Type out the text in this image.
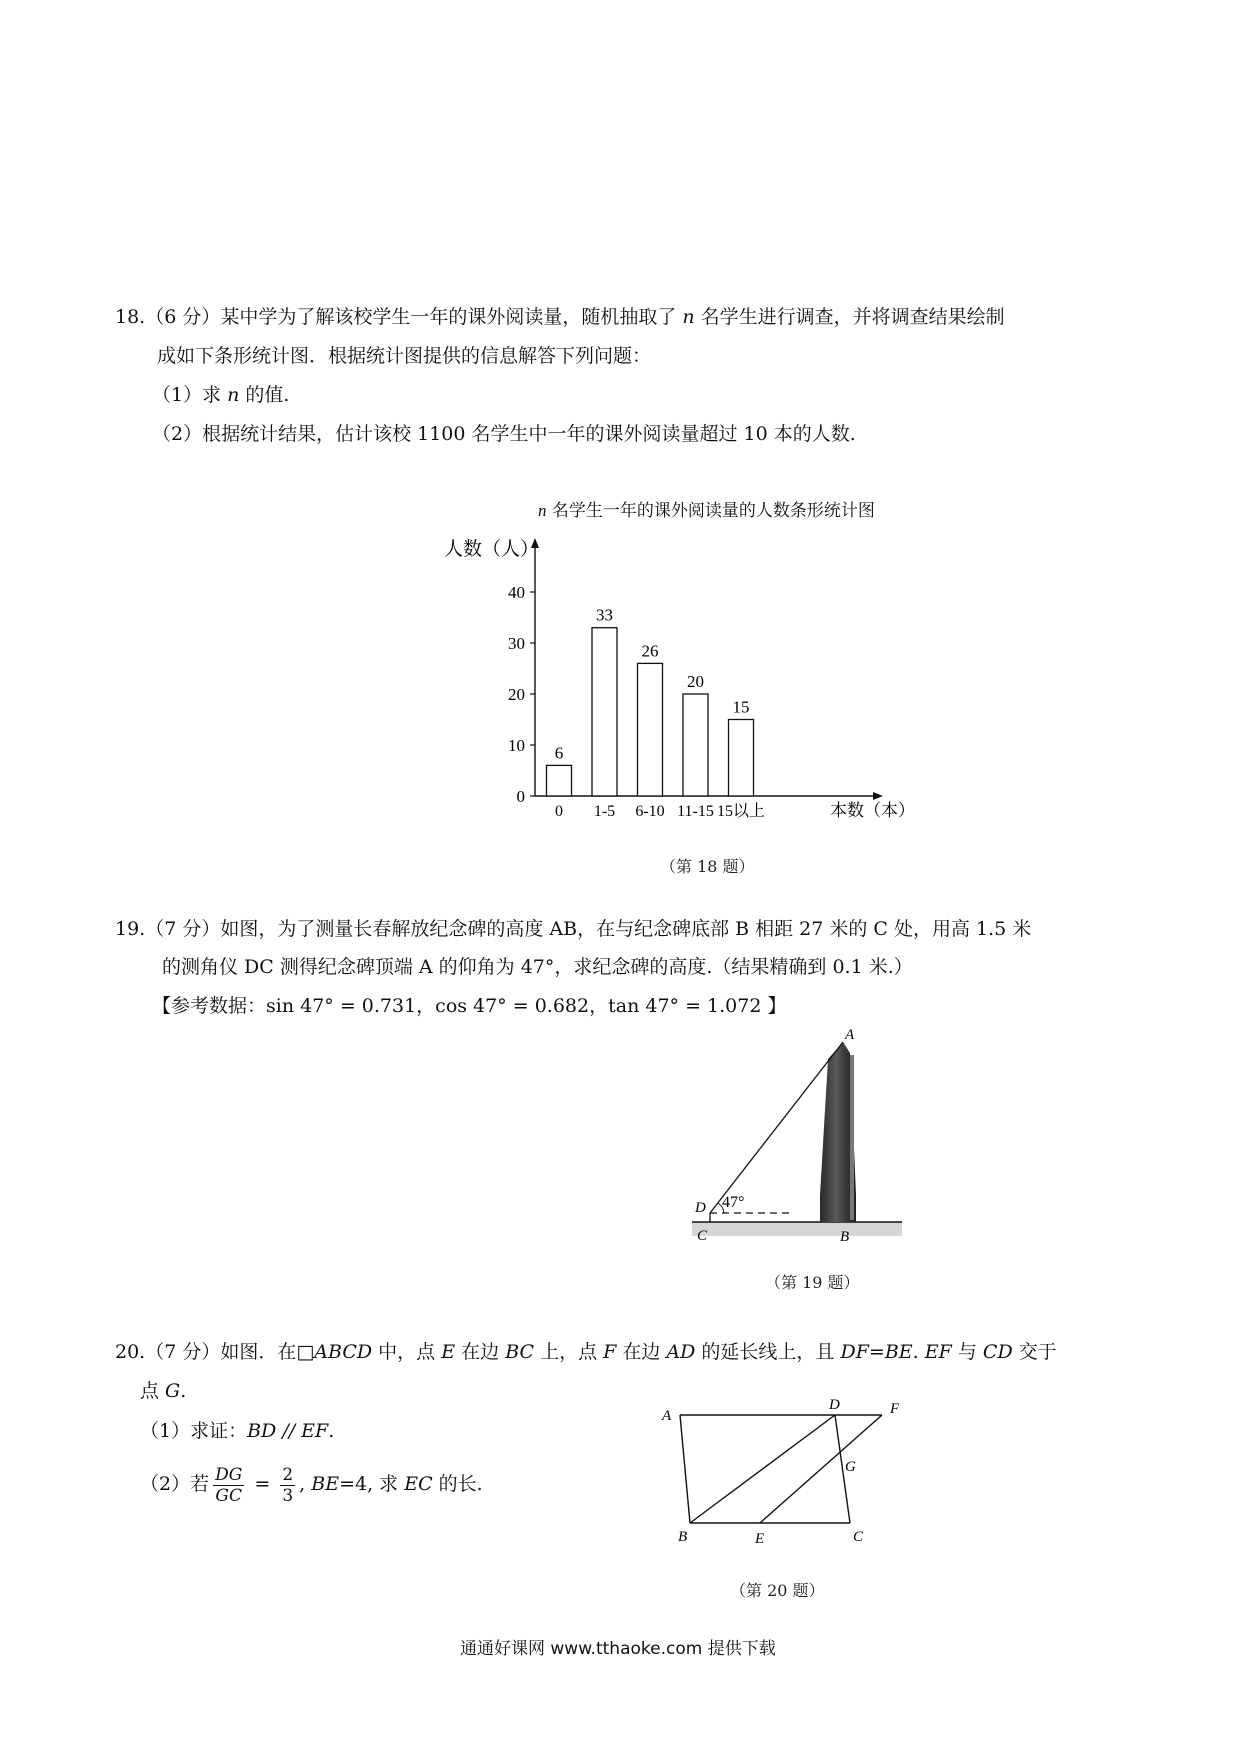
18.（6 分）某中学为了解该校学生一年的课外阅读量，随机抽取了 n 名学生进行调查，并将调查结果绘制
成如下条形统计图．根据统计图提供的信息解答下列问题：
（1）求 n 的值.
（2）根据统计结果，估计该校 1100 名学生中一年的课外阅读量超过 10 本的人数.
n 名学生一年的课外阅读量的人数条形统计图
人数（人）
本数（本）
0
10
20
30
40
6
0
33
1-5
26
6-10
20
11-15
15
15以上
（第 18 题）
19.（7 分）如图，为了测量长春解放纪念碑的高度 AB，在与纪念碑底部 B 相距 27 米的 C 处，用高 1.5 米
的测角仪 DC 测得纪念碑顶端 A 的仰角为 47°，求纪念碑的高度.（结果精确到 0.1 米.）
【参考数据：sin 47° = 0.731，cos 47° = 0.682，tan 47° = 1.072 】
A
D 47°
C	B
（第 19 题）
20.（7 分）如图．在□ABCD 中，点 E 在边 BC 上，点 F 在边 AD 的延长线上，且 DF=BE. EF 与 CD 交于
点 G.
（1）求证：BD // EF.
（2）若 $\frac{DG}{GC} = \frac{2}{3}$ , BE=4, 求 EC 的长.
A
D	F
G
B	E	C
（第 20 题）
通通好课网 www.tthaoke.com 提供下载
